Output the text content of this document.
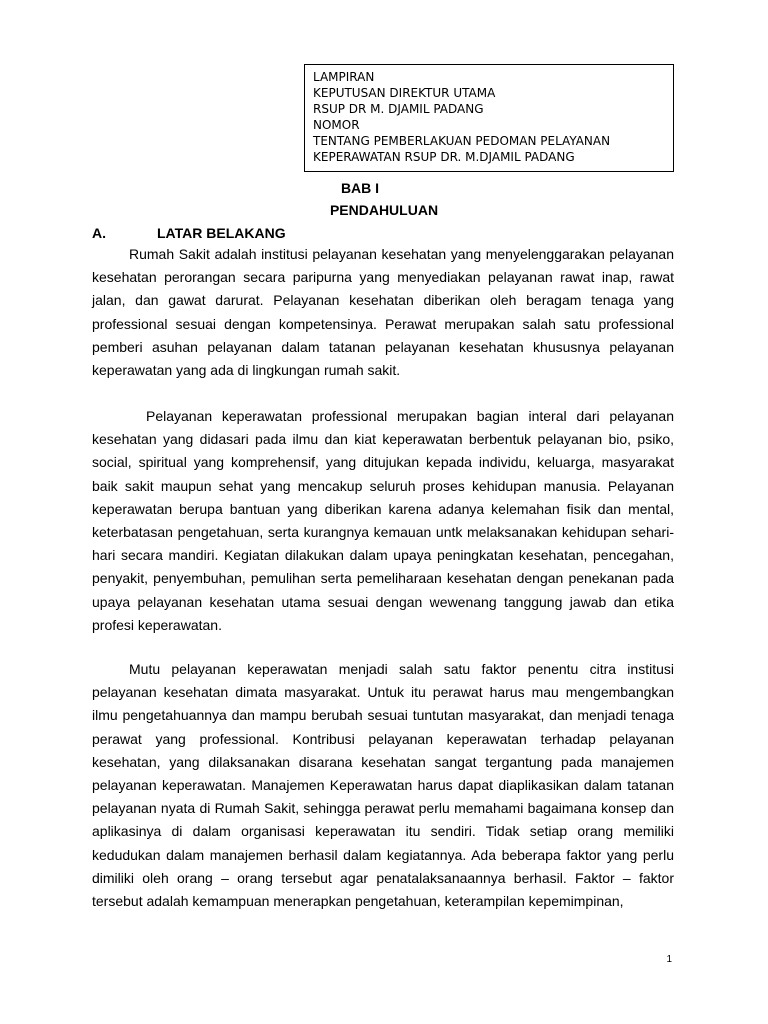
LAMPIRAN
KEPUTUSAN DIREKTUR UTAMA
RSUP DR M. DJAMIL PADANG
NOMOR
TENTANG PEMBERLAKUAN PEDOMAN PELAYANAN
KEPERAWATAN RSUP DR. M.DJAMIL PADANG
BAB I
PENDAHULUAN
A.	LATAR BELAKANG

Rumah Sakit adalah institusi pelayanan kesehatan yang menyelenggarakan pelayanan kesehatan perorangan secara paripurna yang menyediakan pelayanan rawat inap, rawat jalan, dan gawat darurat. Pelayanan kesehatan diberikan oleh beragam tenaga yang professional sesuai dengan kompetensinya. Perawat merupakan salah satu professional pemberi asuhan pelayanan dalam tatanan pelayanan kesehatan khususnya pelayanan keperawatan yang ada di lingkungan rumah sakit.

Pelayanan keperawatan professional merupakan bagian interal dari pelayanan kesehatan yang didasari pada ilmu dan kiat keperawatan berbentuk pelayanan bio, psiko, social, spiritual yang komprehensif, yang ditujukan kepada individu, keluarga, masyarakat baik sakit maupun sehat yang mencakup seluruh proses kehidupan manusia. Pelayanan keperawatan berupa bantuan yang diberikan karena adanya kelemahan fisik dan mental, keterbatasan pengetahuan, serta kurangnya kemauan untk melaksanakan kehidupan sehari-hari secara mandiri. Kegiatan dilakukan dalam upaya peningkatan kesehatan, pencegahan, penyakit, penyembuhan, pemulihan serta pemeliharaan kesehatan dengan penekanan pada upaya pelayanan kesehatan utama sesuai dengan wewenang tanggung jawab dan etika profesi keperawatan.

Mutu pelayanan keperawatan menjadi salah satu faktor penentu citra institusi pelayanan kesehatan dimata masyarakat. Untuk itu perawat harus mau mengembangkan ilmu pengetahuannya dan mampu berubah sesuai tuntutan masyarakat, dan menjadi tenaga perawat yang professional. Kontribusi pelayanan keperawatan terhadap pelayanan kesehatan, yang dilaksanakan disarana kesehatan sangat tergantung pada manajemen pelayanan keperawatan. Manajemen Keperawatan harus dapat diaplikasikan dalam tatanan pelayanan nyata di Rumah Sakit, sehingga perawat perlu memahami bagaimana konsep dan aplikasinya di dalam organisasi keperawatan itu sendiri. Tidak setiap orang memiliki kedudukan dalam manajemen berhasil dalam kegiatannya. Ada beberapa faktor yang perlu dimiliki oleh orang – orang tersebut agar penatalaksanaannya berhasil. Faktor – faktor tersebut adalah kemampuan menerapkan pengetahuan, keterampilan kepemimpinan,

1
